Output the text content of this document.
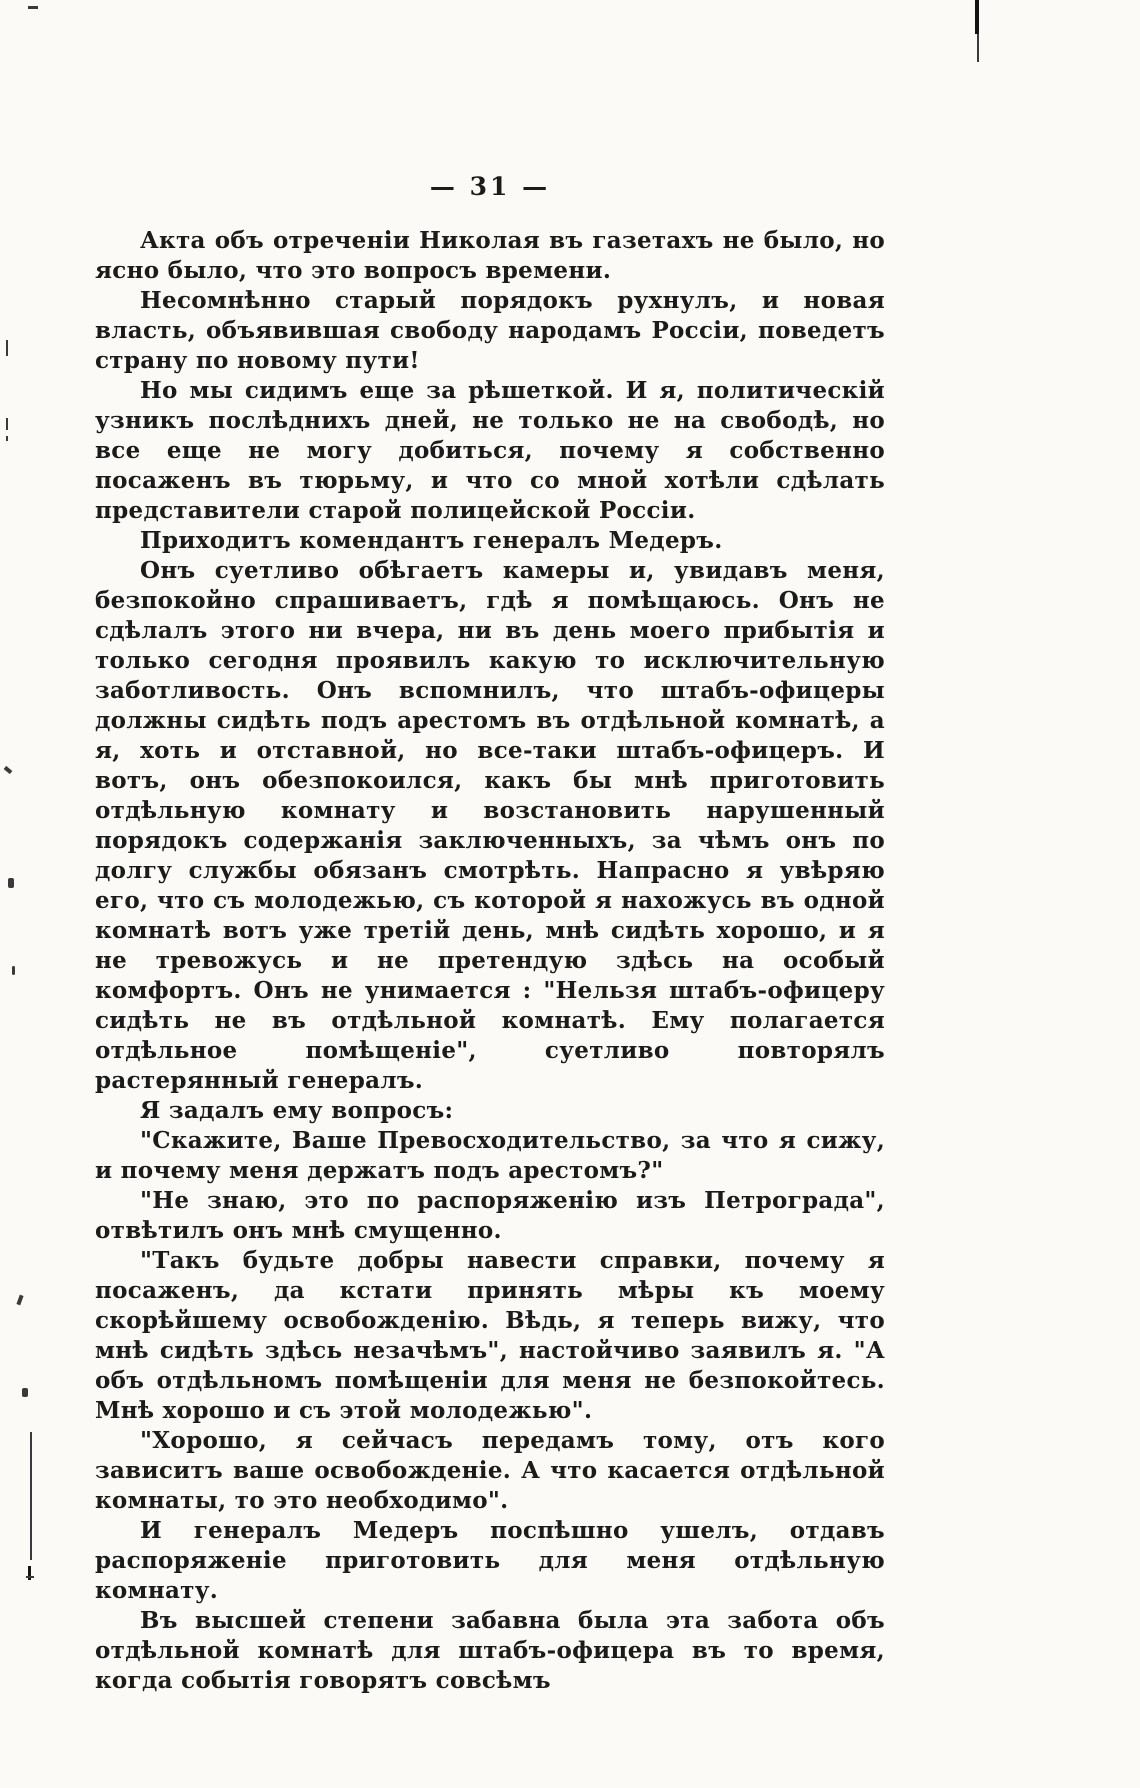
— 31 —

Акта объ отреченіи Николая въ газетахъ не было, но ясно было, что это вопросъ времени.

Несомнѣнно старый порядокъ рухнулъ, и новая власть, объявившая свободу народамъ Россіи, поведетъ страну по новому пути!

Но мы сидимъ еще за рѣшеткой. И я, политическій узникъ послѣднихъ дней, не только не на свободѣ, но все еще не могу добиться, почему я собственно посаженъ въ тюрьму, и что со мной хотѣли сдѣлать представители старой полицейской Россіи.

Приходитъ комендантъ генералъ Медеръ.

Онъ суетливо обѣгаетъ камеры и, увидавъ меня, безпокойно спрашиваетъ, гдѣ я помѣщаюсь. Онъ не сдѣлалъ этого ни вчера, ни въ день моего прибытія и только сегодня проявилъ какую то исключительную заботливость. Онъ вспомнилъ, что штабъ-офицеры должны сидѣть подъ арестомъ въ отдѣльной комнатѣ, а я, хоть и отставной, но все-таки штабъ-офицеръ. И вотъ, онъ обезпокоился, какъ бы мнѣ приготовить отдѣльную комнату и возстановить нарушенный порядокъ содержанія заключенныхъ, за чѣмъ онъ по долгу службы обязанъ смотрѣть. Напрасно я увѣряю его, что съ молодежью, съ которой я нахожусь въ одной комнатѣ вотъ уже третій день, мнѣ сидѣть хорошо, и я не тревожусь и не претендую здѣсь на особый комфортъ. Онъ не унимается : "Нельзя штабъ-офицеру сидѣть не въ отдѣльной комнатѣ. Ему полагается отдѣльное помѣщеніе", суетливо повторялъ растерянный генералъ.

Я задалъ ему вопросъ:

"Скажите, Ваше Превосходительство, за что я сижу, и почему меня держатъ подъ арестомъ?"

"Не знаю, это по распоряженію изъ Петрограда", отвѣтилъ онъ мнѣ смущенно.

"Такъ будьте добры навести справки, почему я посаженъ, да кстати принять мѣры къ моему скорѣйшему освобожденію. Вѣдь, я теперь вижу, что мнѣ сидѣть здѣсь незачѣмъ", настойчиво заявилъ я. "А объ отдѣльномъ помѣщеніи для меня не безпокойтесь. Мнѣ хорошо и съ этой молодежью".

"Хорошо, я сейчасъ передамъ тому, отъ кого зависитъ ваше освобожденіе. А что касается отдѣльной комнаты, то это необходимо".

И генералъ Медеръ поспѣшно ушелъ, отдавъ распоряженіе приготовить для меня отдѣльную комнату.

Въ высшей степени забавна была эта забота объ отдѣльной комнатѣ для штабъ-офицера въ то время, когда событія говорятъ совсѣмъ
